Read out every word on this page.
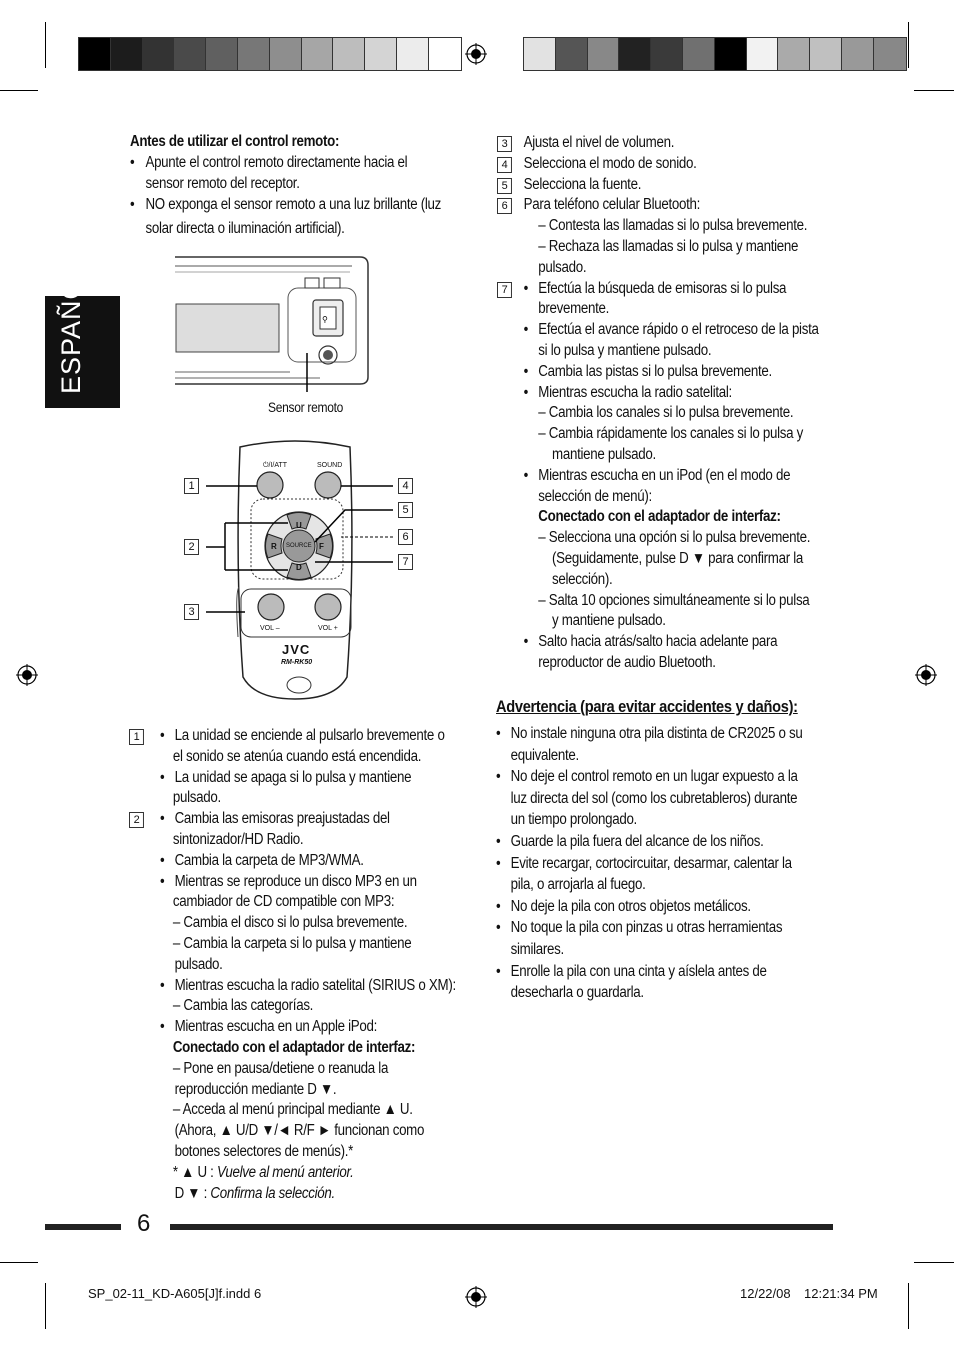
ESPAÑOL
Antes de utilizar el control remoto:
• Apunte el control remoto directamente hacia el
sensor remoto del receptor.
• NO exponga el sensor remoto a una luz brillante (luz
solar directa o iluminación artificial).
⚲
Sensor remoto
⏻/I/ATT	SOUND
SOURCE
U
D
R	F
VOL –	VOL +
JVC
RM-RK50
1
2
3
4
5
6
7
1 • La unidad se enciende al pulsarlo brevemente o
el sonido se atenúa cuando está encendida.
• La unidad se apaga si lo pulsa y mantiene
pulsado.
2 • Cambia las emisoras preajustadas del
sintonizador/HD Radio.
• Cambia la carpeta de MP3/WMA.
• Mientras se reproduce un disco MP3 en un
cambiador de CD compatible con MP3:
– Cambia el disco si lo pulsa brevemente.
– Cambia la carpeta si lo pulsa y mantiene
pulsado.
• Mientras escucha la radio satelital (SIRIUS o XM):
– Cambia las categorías.
• Mientras escucha en un Apple iPod:
Conectado con el adaptador de interfaz:
– Pone en pausa/detiene o reanuda la
reproducción mediante D ▼.
– Acceda al menú principal mediante ▲ U.
(Ahora, ▲ U/D ▼/◄ R/F ► funcionan como
botones selectores de menús).*
* ▲ U : Vuelve al menú anterior.
D ▼ : Confirma la selección.
3 Ajusta el nivel de volumen.
4 Selecciona el modo de sonido.
5 Selecciona la fuente.
6 Para teléfono celular Bluetooth:
– Contesta las llamadas si lo pulsa brevemente.
– Rechaza las llamadas si lo pulsa y mantiene
pulsado.
7 • Efectúa la búsqueda de emisoras si lo pulsa
brevemente.
• Efectúa el avance rápido o el retroceso de la pista
si lo pulsa y mantiene pulsado.
• Cambia las pistas si lo pulsa brevemente.
• Mientras escucha la radio satelital:
– Cambia los canales si lo pulsa brevemente.
– Cambia rápidamente los canales si lo pulsa y
mantiene pulsado.
• Mientras escucha en un iPod (en el modo de
selección de menú):
Conectado con el adaptador de interfaz:
– Selecciona una opción si lo pulsa brevemente.
(Seguidamente, pulse D ▼ para confirmar la
selección).
– Salta 10 opciones simultáneamente si lo pulsa
y mantiene pulsado.
• Salto hacia atrás/salto hacia adelante para
reproductor de audio Bluetooth.
Advertencia (para evitar accidentes y daños):
• No instale ninguna otra pila distinta de CR2025 o su
equivalente.
• No deje el control remoto en un lugar expuesto a la
luz directa del sol (como los cubretableros) durante
un tiempo prolongado.
• Guarde la pila fuera del alcance de los niños.
• Evite recargar, cortocircuitar, desarmar, calentar la
pila, o arrojarla al fuego.
• No deje la pila con otros objetos metálicos.
• No toque la pila con pinzas u otras herramientas
similares.
• Enrolle la pila con una cinta y aíslela antes de
desecharla o guardarla.
6
SP_02-11_KD-A605[J]f.indd 6	12/22/08 12:21:34 PM
